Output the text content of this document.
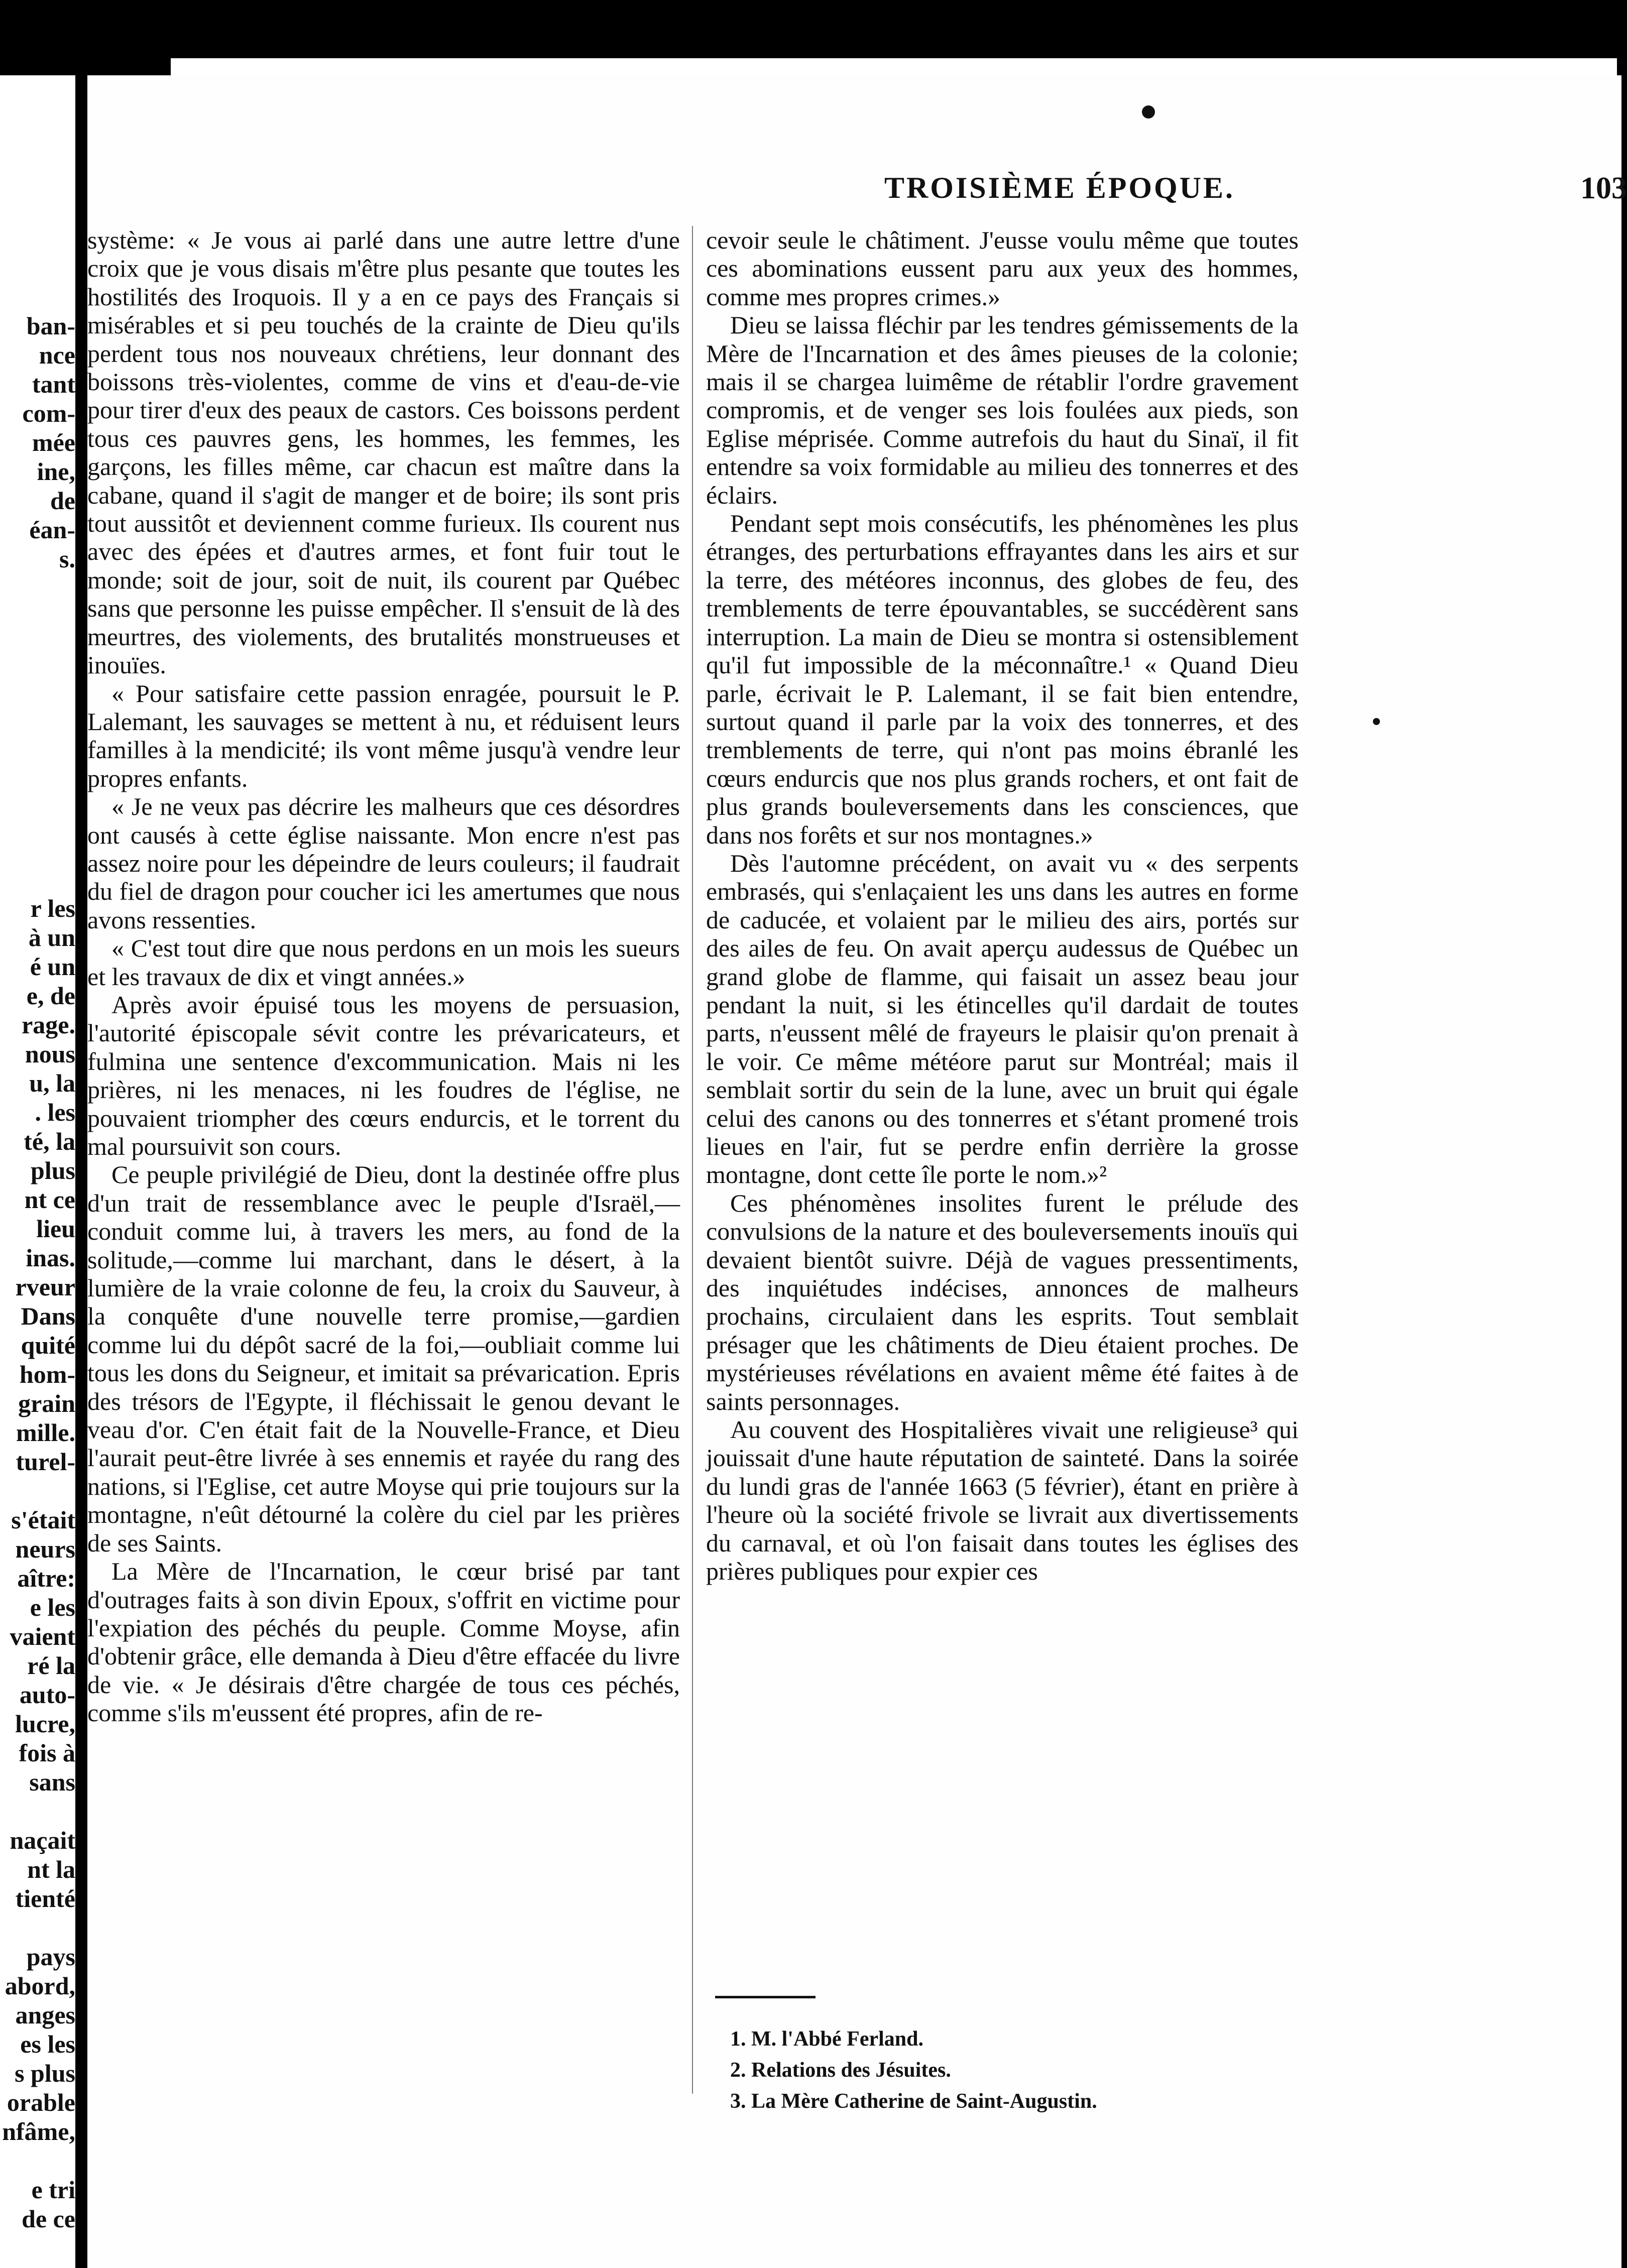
ban-
nce
tant
com-
mée
ine,
de
éan-
s.

r les
à un
é un
e, de
rage.
nous
u, la
. les
té, la
plus
nt ce
lieu
inas.
rveur
Dans
quité
hom-
grain
mille.
turel-

s'était
neurs
aître:
e les
vaient
ré la
auto-
lucre,
fois à
sans

naçait
nt la
tienté

pays
abord,
anges
es les
s plus
orable
nfâme,

e tri
de ce
TROISIÈME ÉPOQUE.	103

système: « Je vous ai parlé dans une autre lettre d'une croix que je vous disais m'être plus pesante que toutes les hostilités des Iroquois. Il y a en ce pays des Français si misérables et si peu touchés de la crainte de Dieu qu'ils perdent tous nos nouveaux chrétiens, leur donnant des boissons très-violentes, comme de vins et d'eau-de-vie pour tirer d'eux des peaux de castors. Ces boissons perdent tous ces pauvres gens, les hommes, les femmes, les garçons, les filles même, car chacun est maître dans la cabane, quand il s'agit de manger et de boire; ils sont pris tout aussitôt et deviennent comme furieux. Ils courent nus avec des épées et d'autres armes, et font fuir tout le monde; soit de jour, soit de nuit, ils courent par Québec sans que personne les puisse empêcher. Il s'ensuit de là des meurtres, des violements, des brutalités monstrueuses et inouïes.

« Pour satisfaire cette passion enragée, poursuit le P. Lalemant, les sauvages se mettent à nu, et réduisent leurs familles à la mendicité; ils vont même jusqu'à vendre leur propres enfants.

« Je ne veux pas décrire les malheurs que ces désordres ont causés à cette église naissante. Mon encre n'est pas assez noire pour les dépeindre de leurs couleurs; il faudrait du fiel de dragon pour coucher ici les amertumes que nous avons ressenties.

« C'est tout dire que nous perdons en un mois les sueurs et les travaux de dix et vingt années.»

Après avoir épuisé tous les moyens de persuasion, l'autorité épiscopale sévit contre les prévaricateurs, et fulmina une sentence d'excommunication. Mais ni les prières, ni les menaces, ni les foudres de l'église, ne pouvaient triompher des cœurs endurcis, et le torrent du mal poursuivit son cours.

Ce peuple privilégié de Dieu, dont la destinée offre plus d'un trait de ressemblance avec le peuple d'Israël,—conduit comme lui, à travers les mers, au fond de la solitude,—comme lui marchant, dans le désert, à la lumière de la vraie colonne de feu, la croix du Sauveur, à la conquête d'une nouvelle terre promise,—gardien comme lui du dépôt sacré de la foi,—oubliait comme lui tous les dons du Seigneur, et imitait sa prévarication. Epris des trésors de l'Egypte, il fléchissait le genou devant le veau d'or. C'en était fait de la Nouvelle-France, et Dieu l'aurait peut-être livrée à ses ennemis et rayée du rang des nations, si l'Eglise, cet autre Moyse qui prie toujours sur la montagne, n'eût détourné la colère du ciel par les prières de ses Saints.

La Mère de l'Incarnation, le cœur brisé par tant d'outrages faits à son divin Epoux, s'offrit en victime pour l'expiation des péchés du peuple. Comme Moyse, afin d'obtenir grâce, elle demanda à Dieu d'être effacée du livre de vie. « Je désirais d'être chargée de tous ces péchés, comme s'ils m'eussent été propres, afin de re-

cevoir seule le châtiment. J'eusse voulu même que toutes ces abominations eussent paru aux yeux des hommes, comme mes propres crimes.»

Dieu se laissa fléchir par les tendres gémissements de la Mère de l'Incarnation et des âmes pieuses de la colonie; mais il se chargea luimême de rétablir l'ordre gravement compromis, et de venger ses lois foulées aux pieds, son Eglise méprisée. Comme autrefois du haut du Sinaï, il fit entendre sa voix formidable au milieu des tonnerres et des éclairs.

Pendant sept mois consécutifs, les phénomènes les plus étranges, des perturbations effrayantes dans les airs et sur la terre, des météores inconnus, des globes de feu, des tremblements de terre épouvantables, se succédèrent sans interruption. La main de Dieu se montra si ostensiblement qu'il fut impossible de la méconnaître.¹ « Quand Dieu parle, écrivait le P. Lalemant, il se fait bien entendre, surtout quand il parle par la voix des tonnerres, et des tremblements de terre, qui n'ont pas moins ébranlé les cœurs endurcis que nos plus grands rochers, et ont fait de plus grands bouleversements dans les consciences, que dans nos forêts et sur nos montagnes.»

Dès l'automne précédent, on avait vu « des serpents embrasés, qui s'enlaçaient les uns dans les autres en forme de caducée, et volaient par le milieu des airs, portés sur des ailes de feu. On avait aperçu audessus de Québec un grand globe de flamme, qui faisait un assez beau jour pendant la nuit, si les étincelles qu'il dardait de toutes parts, n'eussent mêlé de frayeurs le plaisir qu'on prenait à le voir. Ce même météore parut sur Montréal; mais il semblait sortir du sein de la lune, avec un bruit qui égale celui des canons ou des tonnerres et s'étant promené trois lieues en l'air, fut se perdre enfin derrière la grosse montagne, dont cette île porte le nom.»²

Ces phénomènes insolites furent le prélude des convulsions de la nature et des bouleversements inouïs qui devaient bientôt suivre. Déjà de vagues pressentiments, des inquiétudes indécises, annonces de malheurs prochains, circulaient dans les esprits. Tout semblait présager que les châtiments de Dieu étaient proches. De mystérieuses révélations en avaient même été faites à de saints personnages.

Au couvent des Hospitalières vivait une religieuse³ qui jouissait d'une haute réputation de sainteté. Dans la soirée du lundi gras de l'année 1663 (5 février), étant en prière à l'heure où la société frivole se livrait aux divertissements du carnaval, et où l'on faisait dans toutes les églises des prières publiques pour expier ces

1. M. l'Abbé Ferland.
2. Relations des Jésuites.
3. La Mère Catherine de Saint-Augustin.
